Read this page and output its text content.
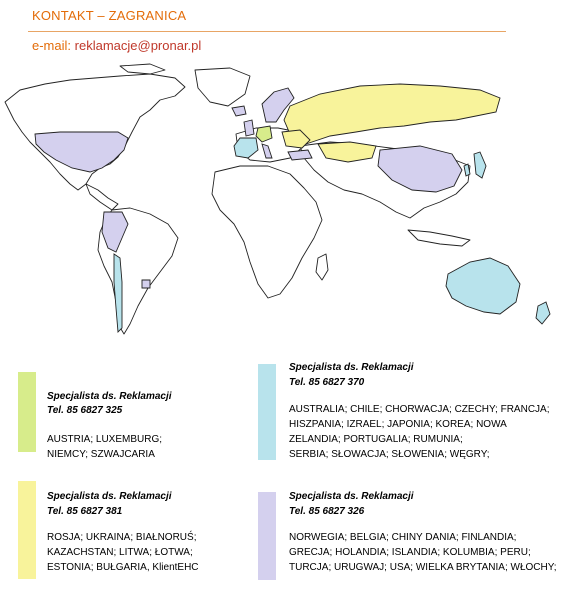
KONTAKT – ZAGRANICA
e-mail: reklamacje@pronar.pl
Specjalista ds. Reklamacji
Tel. 85 6827 325
AUSTRIA; LUXEMBURG;
NIEMCY; SZWAJCARIA
Specjalista ds. Reklamacji
Tel. 85 6827 370
AUSTRALIA; CHILE; CHORWACJA; CZECHY; FRANCJA;
HISZPANIA; IZRAEL; JAPONIA; KOREA; NOWA
ZELANDIA; PORTUGALIA; RUMUNIA;
SERBIA; SŁOWACJA; SŁOWENIA; WĘGRY;
Specjalista ds. Reklamacji
Tel. 85 6827 381
ROSJA; UKRAINA; BIAŁNORUŚ;
KAZACHSTAN; LITWA; ŁOTWA;
ESTONIA; BUŁGARIA, KlientEHC
Specjalista ds. Reklamacji
Tel. 85 6827 326
NORWEGIA; BELGIA; CHINY DANIA; FINLANDIA;
GRECJA; HOLANDIA; ISLANDIA; KOLUMBIA; PERU;
TURCJA; URUGWAJ; USA; WIELKA BRYTANIA; WŁOCHY;
